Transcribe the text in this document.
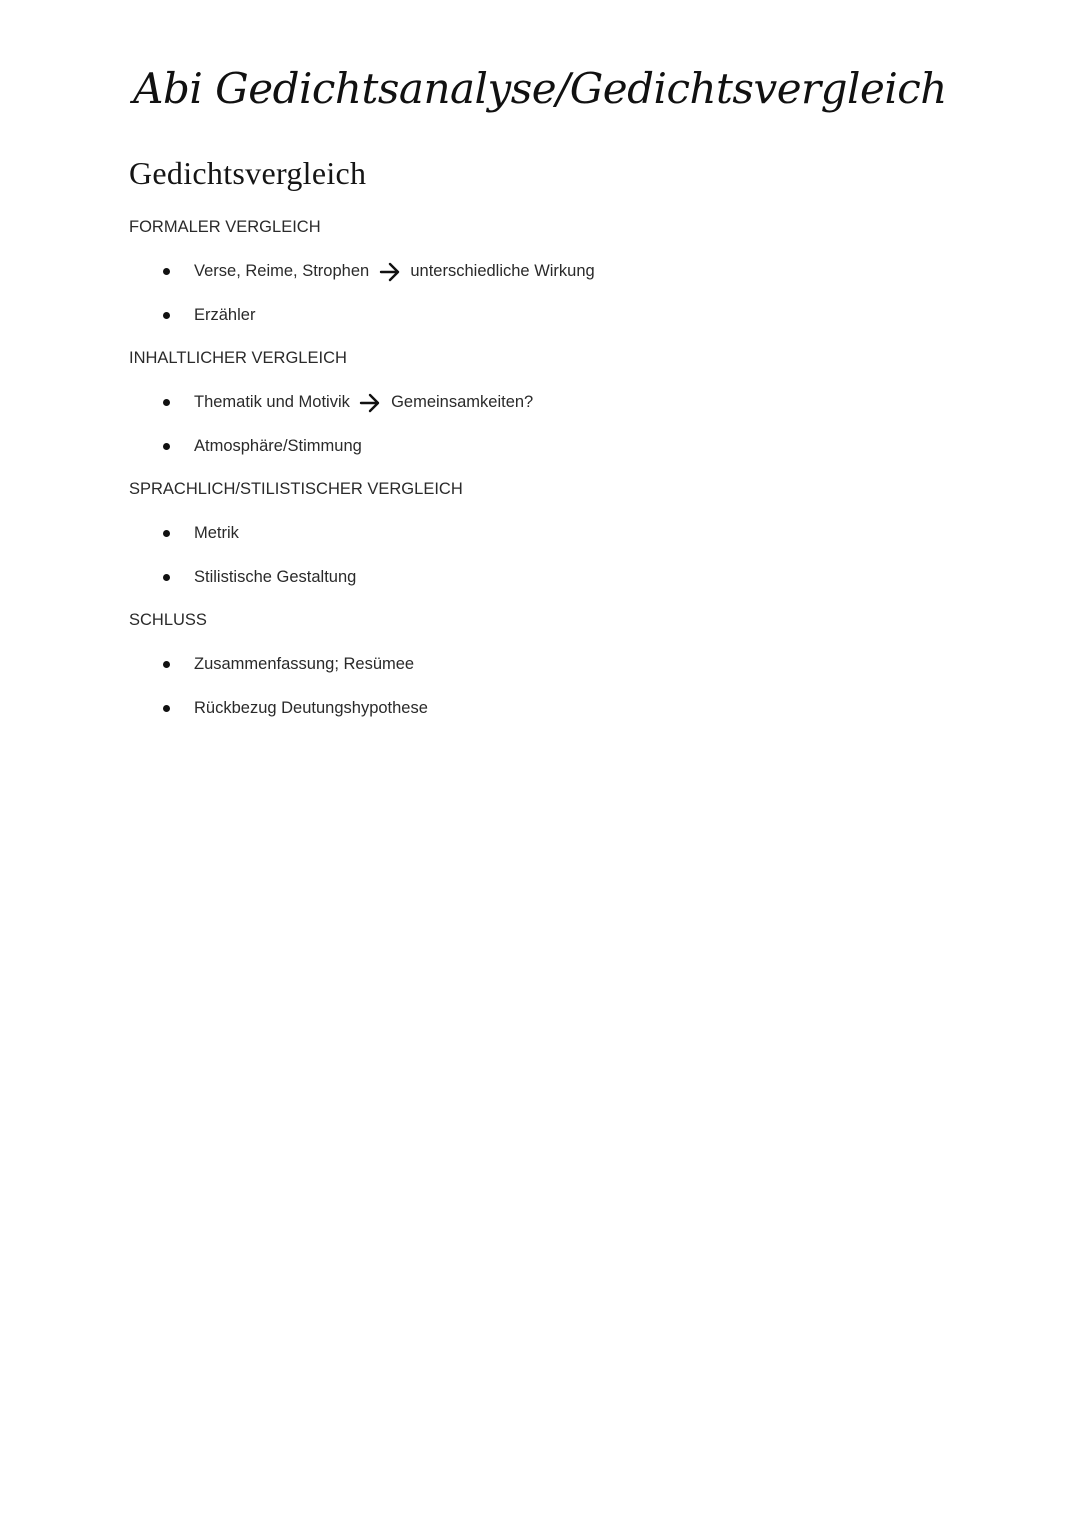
Abi Gedichtsanalyse/Gedichtsvergleich
Gedichtsvergleich
FORMALER VERGLEICH
Verse, Reime, Strophen unterschiedliche Wirkung
Erzähler
INHALTLICHER VERGLEICH
Thematik und Motivik Gemeinsamkeiten?
Atmosphäre/Stimmung
SPRACHLICH/STILISTISCHER VERGLEICH
Metrik
Stilistische Gestaltung
SCHLUSS
Zusammenfassung; Resümee
Rückbezug Deutungshypothese
